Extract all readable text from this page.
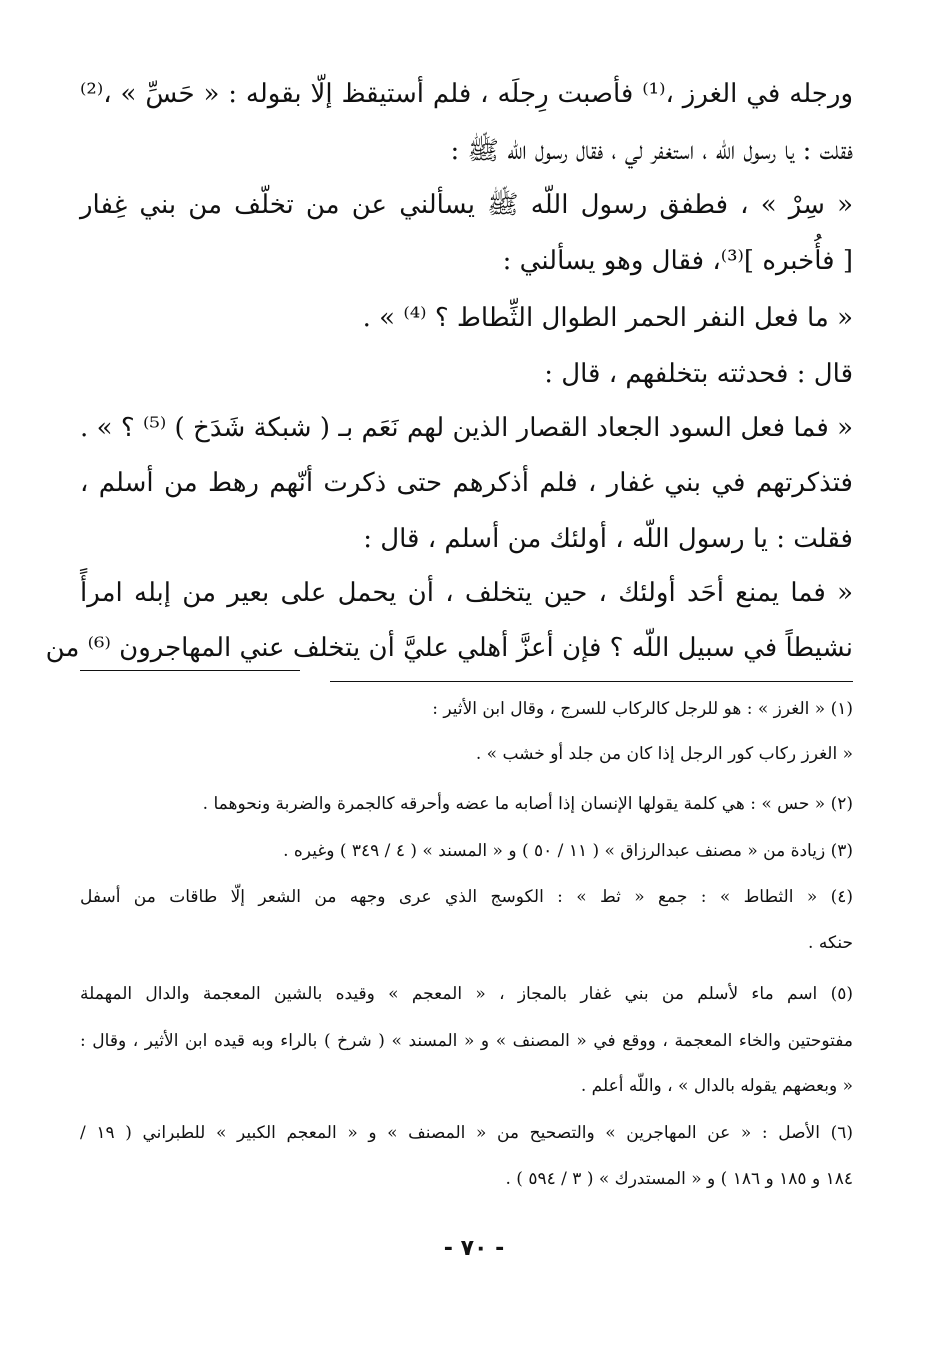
ورجله في الغرز ،⁽¹⁾ فأصبت رِجلَه ، فلم أستيقظ إلّا بقوله : « حَسِّ » ،⁽²⁾
فقلت : يا رسول اللّه ، استغفر لي ، فقال رسول اللّه ﷺ :
« سِرْ » ، فطفق رسول اللّه ﷺ يسألني عن من تخلّف من بني غِفار
[ فأُخبره ]⁽³⁾، فقال وهو يسألني :
« ما فعل النفر الحمر الطوال الثِّطاط ؟ ⁽⁴⁾ » .
قال : فحدثته بتخلفهم ، قال :
« فما فعل السود الجعاد القصار الذين لهم نَعَم بـ ( شبكة شَدَخ ) ⁽⁵⁾ ؟ » .
فتذكرتهم في بني غفار ، فلم أذكرهم حتى ذكرت أنّهم رهط من أسلم ،
فقلت : يا رسول اللّه ، أولئك من أسلم ، قال :
« فما يمنع أحَد أولئك ، حين يتخلف ، أن يحمل على بعير من إبله امرأً
نشيطاً في سبيل اللّه ؟ فإن أعزَّ أهلي عليَّ أن يتخلف عني المهاجرون ⁽⁶⁾ من
(١) « الغرز » : هو للرجل كالركاب للسرج ، وقال ابن الأثير :
« الغرز ركاب كور الرجل إذا كان من جلد أو خشب » .
(٢) « حس » : هي كلمة يقولها الإنسان إذا أصابه ما عضه وأحرقه كالجمرة والضربة ونحوهما .
(٣) زيادة من « مصنف عبدالرزاق » ( ١١ / ٥٠ ) و « المسند » ( ٤ / ٣٤٩ ) وغيره .
(٤) « الثطاط » : جمع « ثط » : الكوسج الذي عرى وجهه من الشعر إلّا طاقات من أسفل
حنكه .
(٥) اسم ماء لأسلم من بني غفار بالمجاز ، « المعجم » وقيده بالشين المعجمة والدال المهملة
مفتوحتين والخاء المعجمة ، ووقع في « المصنف » و « المسند » ( شرخ ) بالراء وبه قيده ابن الأثير ، وقال :
« وبعضهم يقوله بالدال » ، واللّه أعلم .
(٦) الأصل : « عن المهاجرين » والتصحيح من « المصنف » و « المعجم الكبير » للطبراني ( ١٩ /
١٨٤ و ١٨٥ و ١٨٦ ) و « المستدرك » ( ٣ / ٥٩٤ ) .
- ٧٠ -
